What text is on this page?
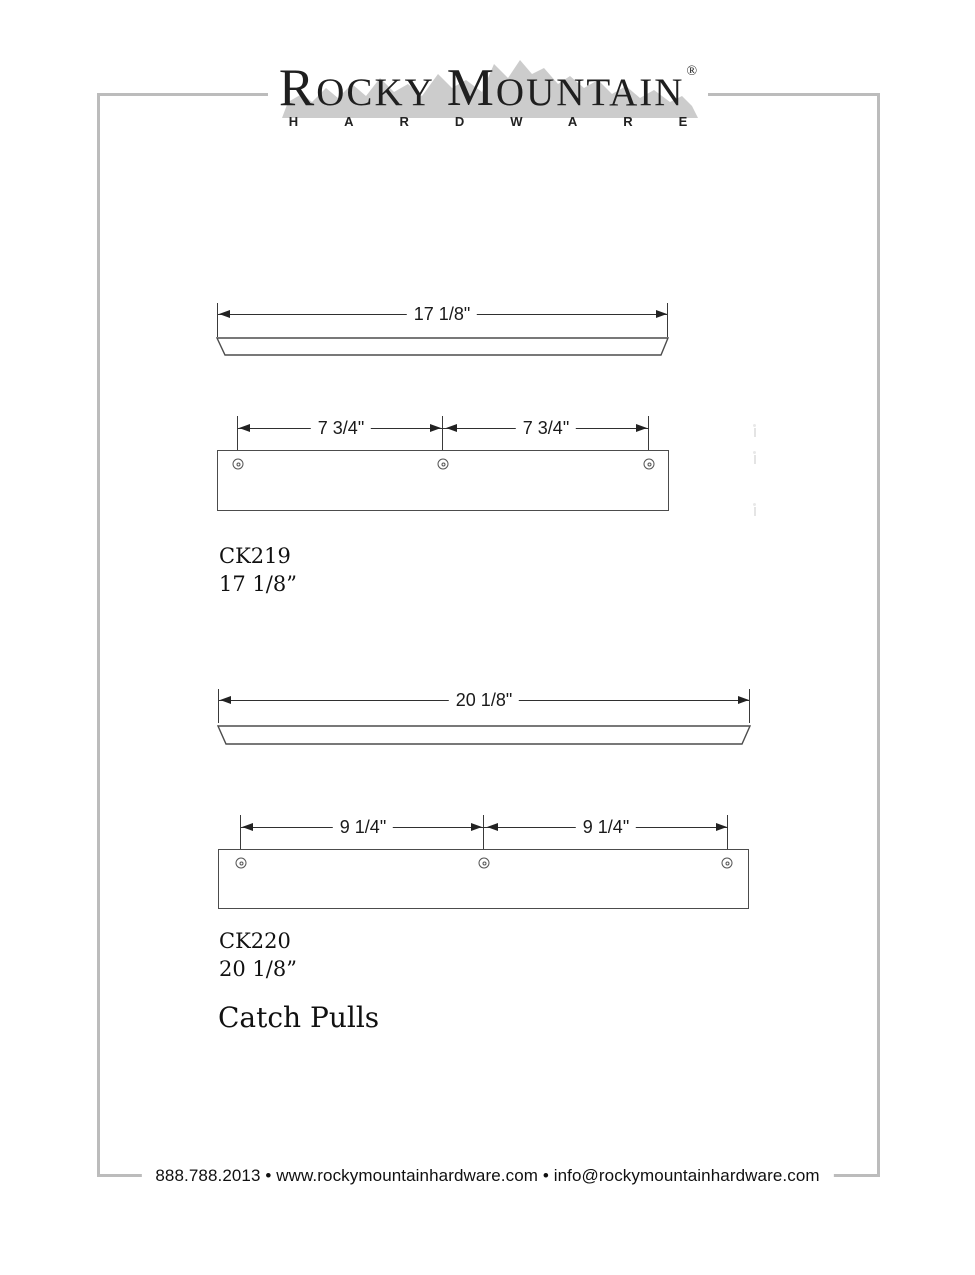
ROCKY MOUNTAIN ®
HARDWARE
17 1/8"
7 3/4"	7 3/4"
CK219
17 1/8”
20 1/8"
9 1/4"	9 1/4"
CK220
20 1/8”
Catch Pulls
888.788.2013 • www.rockymountainhardware.com • info@rockymountainhardware.com
